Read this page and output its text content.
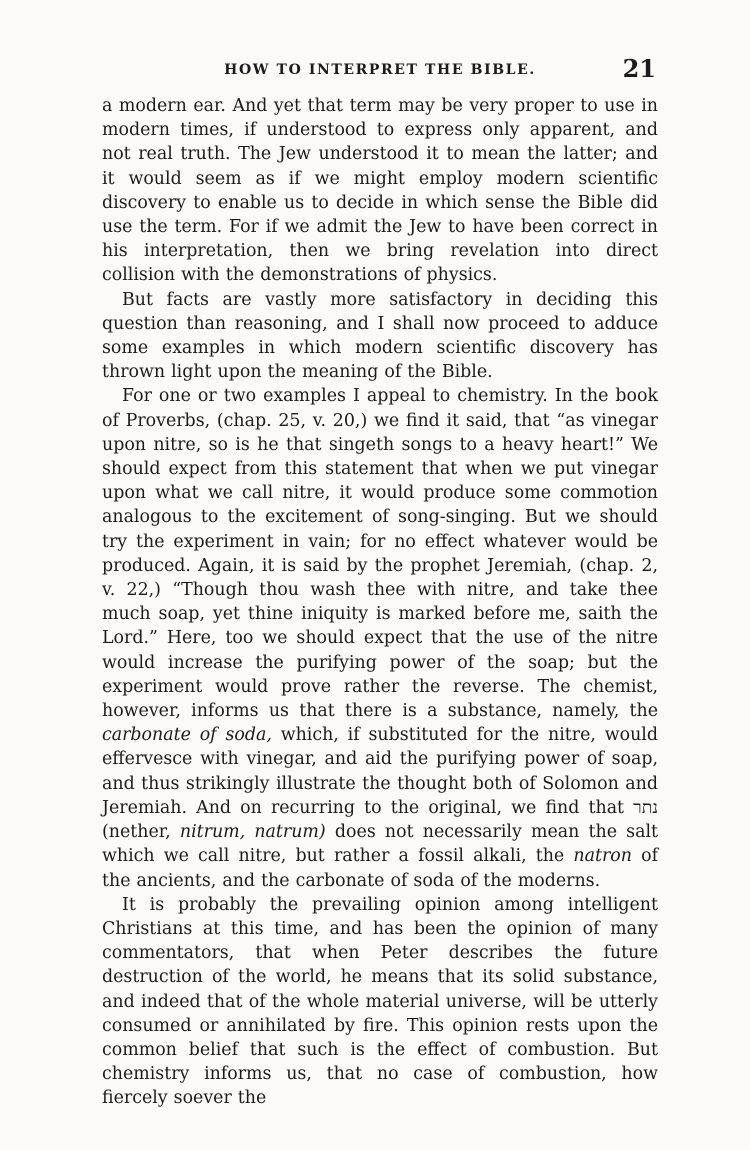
HOW TO INTERPRET THE BIBLE.	21

a modern ear. And yet that term may be very proper to use in modern times, if understood to express only apparent, and not real truth. The Jew understood it to mean the latter; and it would seem as if we might employ modern scientific discovery to enable us to decide in which sense the Bible did use the term. For if we admit the Jew to have been correct in his interpretation, then we bring revelation into direct collision with the demonstrations of physics.

But facts are vastly more satisfactory in deciding this question than reasoning, and I shall now proceed to adduce some examples in which modern scientific discovery has thrown light upon the meaning of the Bible.

For one or two examples I appeal to chemistry. In the book of Proverbs, (chap. 25, v. 20,) we find it said, that “as vinegar upon nitre, so is he that singeth songs to a heavy heart!” We should expect from this statement that when we put vinegar upon what we call nitre, it would produce some commotion analogous to the excitement of song-singing. But we should try the experiment in vain; for no effect whatever would be produced. Again, it is said by the prophet Jeremiah, (chap. 2, v. 22,) “Though thou wash thee with nitre, and take thee much soap, yet thine iniquity is marked before me, saith the Lord.” Here, too we should expect that the use of the nitre would increase the purifying power of the soap; but the experiment would prove rather the reverse. The chemist, however, informs us that there is a substance, namely, the carbonate of soda, which, if substituted for the nitre, would effervesce with vinegar, and aid the purifying power of soap, and thus strikingly illustrate the thought both of Solomon and Jeremiah. And on recurring to the original, we find that נתר (nether, nitrum, natrum) does not necessarily mean the salt which we call nitre, but rather a fossil alkali, the natron of the ancients, and the carbonate of soda of the moderns.

It is probably the prevailing opinion among intelligent Christians at this time, and has been the opinion of many commentators, that when Peter describes the future destruction of the world, he means that its solid substance, and indeed that of the whole material universe, will be utterly consumed or annihilated by fire. This opinion rests upon the common belief that such is the effect of combustion. But chemistry informs us, that no case of combustion, how fiercely soever the
